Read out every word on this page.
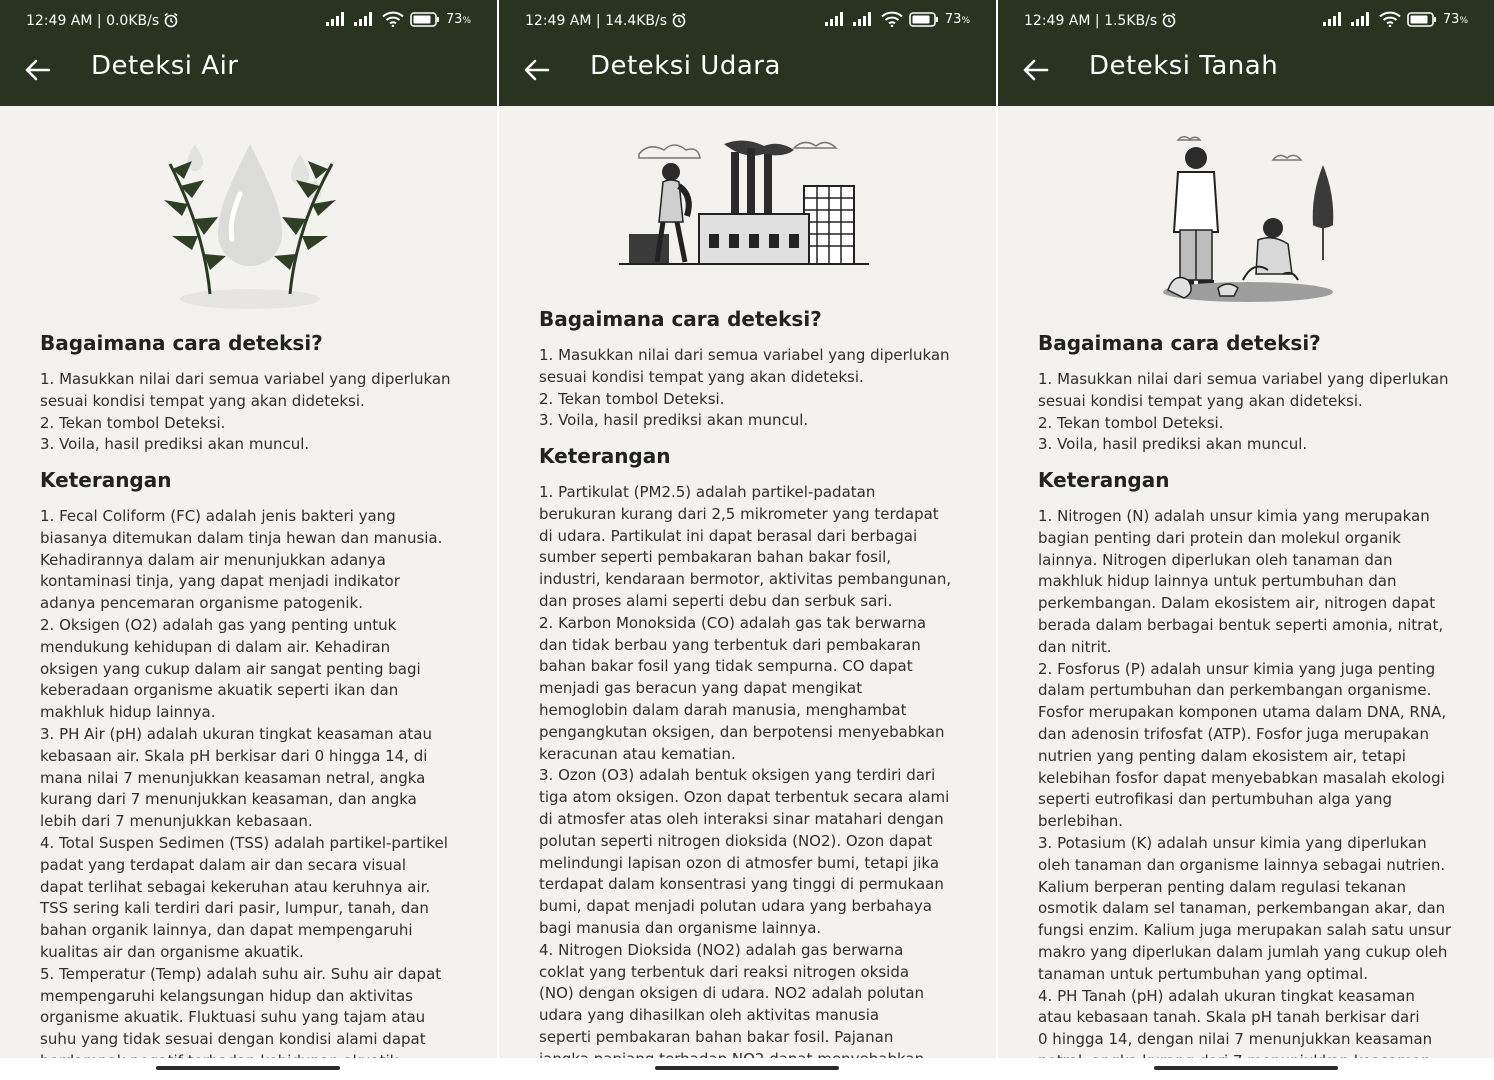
12:49 AM | 0.0KB/s	73%
Deteksi Air
Bagaimana cara deteksi?

1. Masukkan nilai dari semua variabel yang diperlukan
sesuai kondisi tempat yang akan dideteksi.
2. Tekan tombol Deteksi.
3. Voila, hasil prediksi akan muncul.

Keterangan

1. Fecal Coliform (FC) adalah jenis bakteri yang
biasanya ditemukan dalam tinja hewan dan manusia.
Kehadirannya dalam air menunjukkan adanya
kontaminasi tinja, yang dapat menjadi indikator
adanya pencemaran organisme patogenik.
2. Oksigen (O2) adalah gas yang penting untuk
mendukung kehidupan di dalam air. Kehadiran
oksigen yang cukup dalam air sangat penting bagi
keberadaan organisme akuatik seperti ikan dan
makhluk hidup lainnya.
3. PH Air (pH) adalah ukuran tingkat keasaman atau
kebasaan air. Skala pH berkisar dari 0 hingga 14, di
mana nilai 7 menunjukkan keasaman netral, angka
kurang dari 7 menunjukkan keasaman, dan angka
lebih dari 7 menunjukkan kebasaan.
4. Total Suspen Sedimen (TSS) adalah partikel-partikel
padat yang terdapat dalam air dan secara visual
dapat terlihat sebagai kekeruhan atau keruhnya air.
TSS sering kali terdiri dari pasir, lumpur, tanah, dan
bahan organik lainnya, dan dapat mempengaruhi
kualitas air dan organisme akuatik.
5. Temperatur (Temp) adalah suhu air. Suhu air dapat
mempengaruhi kelangsungan hidup dan aktivitas
organisme akuatik. Fluktuasi suhu yang tajam atau
suhu yang tidak sesuai dengan kondisi alami dapat

12:49 AM | 14.4KB/s	73%
Deteksi Udara
Bagaimana cara deteksi?

1. Masukkan nilai dari semua variabel yang diperlukan
sesuai kondisi tempat yang akan dideteksi.
2. Tekan tombol Deteksi.
3. Voila, hasil prediksi akan muncul.

Keterangan

1. Partikulat (PM2.5) adalah partikel-padatan
berukuran kurang dari 2,5 mikrometer yang terdapat
di udara. Partikulat ini dapat berasal dari berbagai
sumber seperti pembakaran bahan bakar fosil,
industri, kendaraan bermotor, aktivitas pembangunan,
dan proses alami seperti debu dan serbuk sari.
2. Karbon Monoksida (CO) adalah gas tak berwarna
dan tidak berbau yang terbentuk dari pembakaran
bahan bakar fosil yang tidak sempurna. CO dapat
menjadi gas beracun yang dapat mengikat
hemoglobin dalam darah manusia, menghambat
pengangkutan oksigen, dan berpotensi menyebabkan
keracunan atau kematian.
3. Ozon (O3) adalah bentuk oksigen yang terdiri dari
tiga atom oksigen. Ozon dapat terbentuk secara alami
di atmosfer atas oleh interaksi sinar matahari dengan
polutan seperti nitrogen dioksida (NO2). Ozon dapat
melindungi lapisan ozon di atmosfer bumi, tetapi jika
terdapat dalam konsentrasi yang tinggi di permukaan
bumi, dapat menjadi polutan udara yang berbahaya
bagi manusia dan organisme lainnya.
4. Nitrogen Dioksida (NO2) adalah gas berwarna
coklat yang terbentuk dari reaksi nitrogen oksida
(NO) dengan oksigen di udara. NO2 adalah polutan
udara yang dihasilkan oleh aktivitas manusia
seperti pembakaran bahan bakar fosil. Pajanan

12:49 AM | 1.5KB/s	73%
Deteksi Tanah
Bagaimana cara deteksi?

1. Masukkan nilai dari semua variabel yang diperlukan
sesuai kondisi tempat yang akan dideteksi.
2. Tekan tombol Deteksi.
3. Voila, hasil prediksi akan muncul.

Keterangan

1. Nitrogen (N) adalah unsur kimia yang merupakan
bagian penting dari protein dan molekul organik
lainnya. Nitrogen diperlukan oleh tanaman dan
makhluk hidup lainnya untuk pertumbuhan dan
perkembangan. Dalam ekosistem air, nitrogen dapat
berada dalam berbagai bentuk seperti amonia, nitrat,
dan nitrit.
2. Fosforus (P) adalah unsur kimia yang juga penting
dalam pertumbuhan dan perkembangan organisme.
Fosfor merupakan komponen utama dalam DNA, RNA,
dan adenosin trifosfat (ATP). Fosfor juga merupakan
nutrien yang penting dalam ekosistem air, tetapi
kelebihan fosfor dapat menyebabkan masalah ekologi
seperti eutrofikasi dan pertumbuhan alga yang
berlebihan.
3. Potasium (K) adalah unsur kimia yang diperlukan
oleh tanaman dan organisme lainnya sebagai nutrien.
Kalium berperan penting dalam regulasi tekanan
osmotik dalam sel tanaman, perkembangan akar, dan
fungsi enzim. Kalium juga merupakan salah satu unsur
makro yang diperlukan dalam jumlah yang cukup oleh
tanaman untuk pertumbuhan yang optimal.
4. PH Tanah (pH) adalah ukuran tingkat keasaman
atau kebasaan tanah. Skala pH tanah berkisar dari
0 hingga 14, dengan nilai 7 menunjukkan keasaman
